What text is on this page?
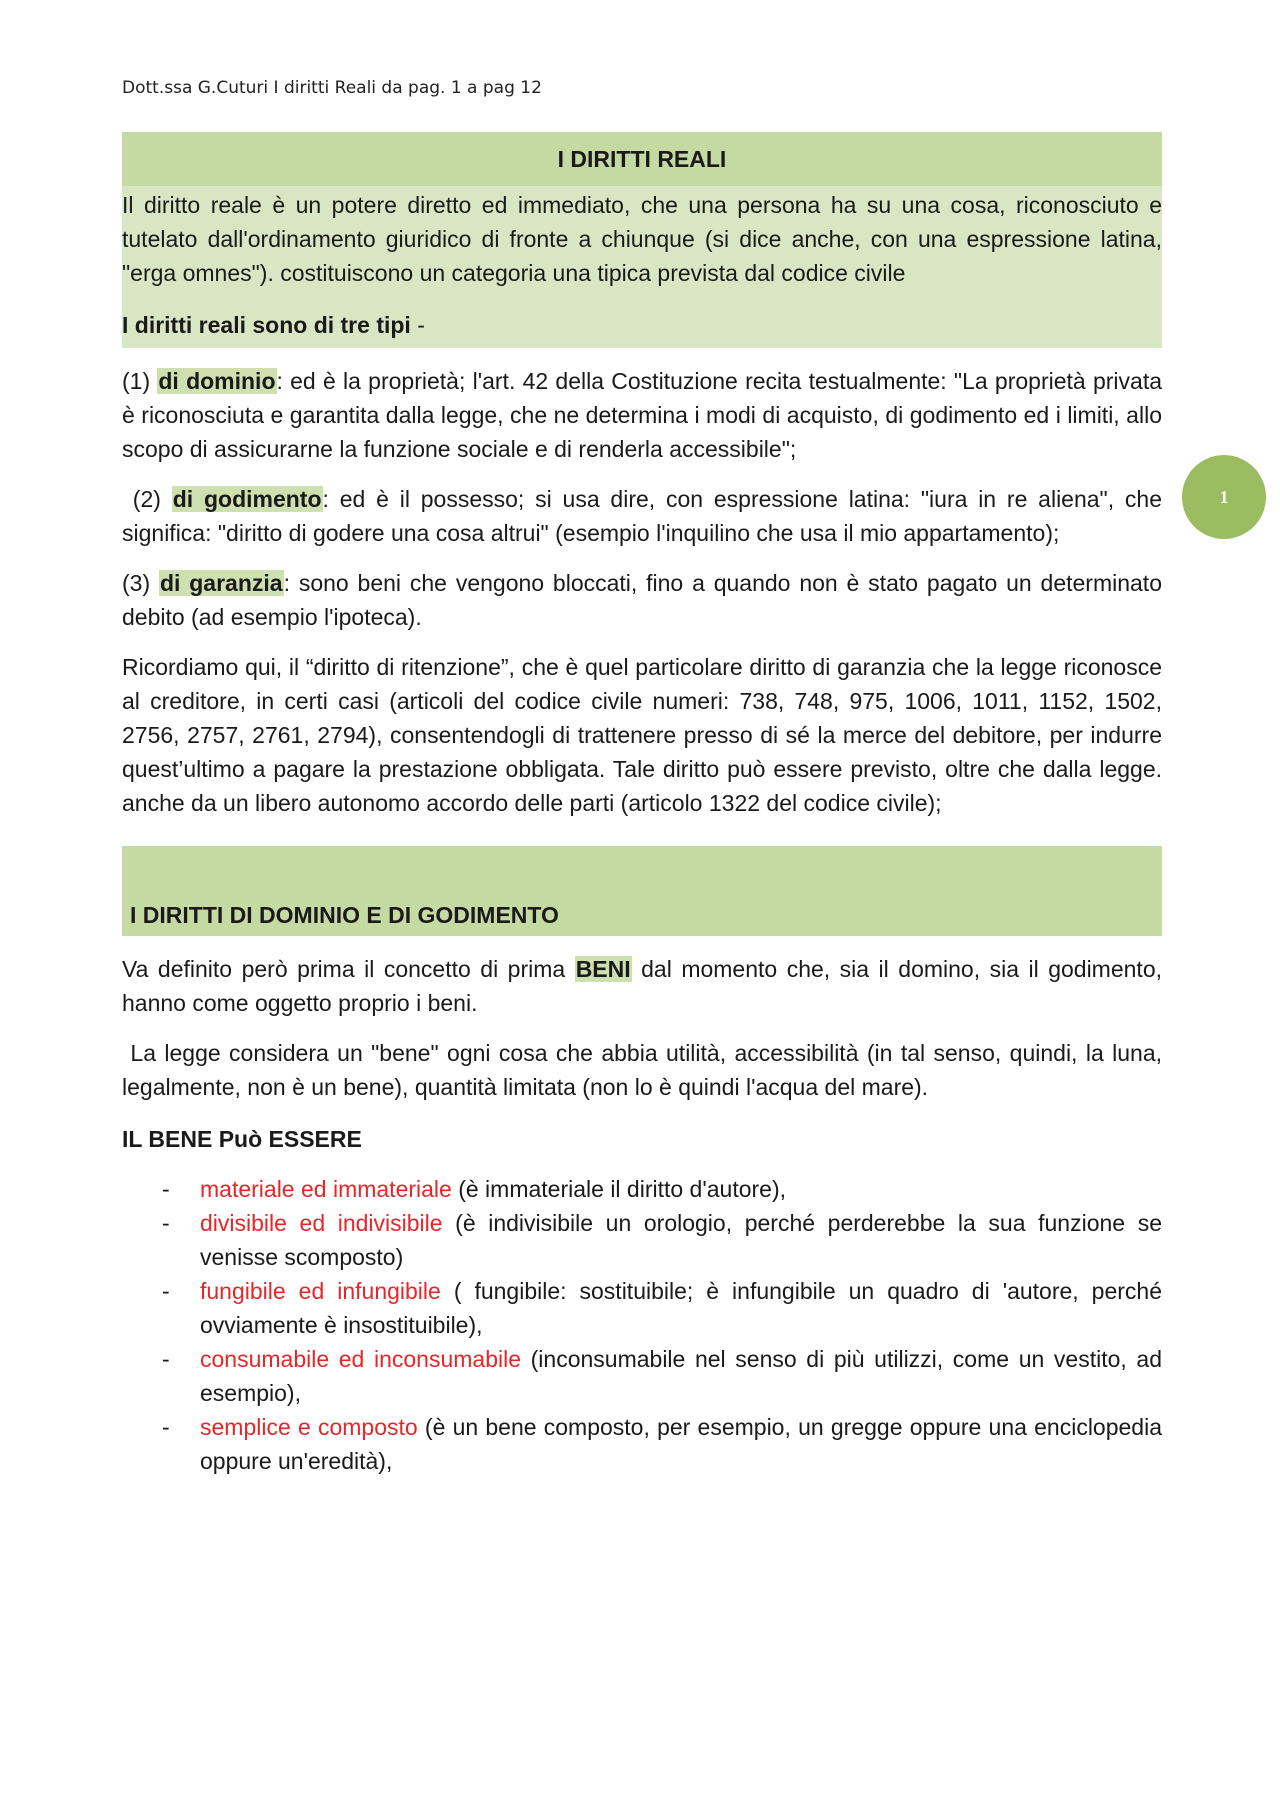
Dott.ssa G.Cuturi I diritti Reali da pag. 1 a pag 12
1
I DIRITTI REALI

Il diritto reale è un potere diretto ed immediato, che una persona ha su una cosa, riconosciuto e tutelato dall'ordinamento giuridico di fronte a chiunque (si dice anche, con una espressione latina, "erga omnes"). costituiscono un categoria una tipica prevista dal codice civile

I diritti reali sono di tre tipi -

(1) di dominio: ed è la proprietà; l'art. 42 della Costituzione recita testualmente: "La proprietà privata è riconosciuta e garantita dalla legge, che ne determina i modi di acquisto, di godimento ed i limiti, allo scopo di assicurarne la funzione sociale e di renderla accessibile";

(2) di godimento: ed è il possesso; si usa dire, con espressione latina: "iura in re aliena", che significa: "diritto di godere una cosa altrui" (esempio l'inquilino che usa il mio appartamento);

(3) di garanzia: sono beni che vengono bloccati, fino a quando non è stato pagato un determinato debito (ad esempio l'ipoteca).

Ricordiamo qui, il “diritto di ritenzione”, che è quel particolare diritto di garanzia che la legge riconosce al creditore, in certi casi (articoli del codice civile numeri: 738, 748, 975, 1006, 1011, 1152, 1502, 2756, 2757, 2761, 2794), consentendogli di trattenere presso di sé la merce del debitore, per indurre quest’ultimo a pagare la prestazione obbligata. Tale diritto può essere previsto, oltre che dalla legge. anche da un libero autonomo accordo delle parti (articolo 1322 del codice civile);

I DIRITTI DI DOMINIO E DI GODIMENTO

Va definito però prima il concetto di prima BENI dal momento che, sia il domino, sia il godimento, hanno come oggetto proprio i beni.

La legge considera un "bene" ogni cosa che abbia utilità, accessibilità (in tal senso, quindi, la luna, legalmente, non è un bene), quantità limitata (non lo è quindi l'acqua del mare).

IL BENE Può ESSERE
- materiale ed immateriale (è immateriale il diritto d'autore),
- divisibile ed indivisibile (è indivisibile un orologio, perché perderebbe la sua funzione se venisse scomposto)
- fungibile ed infungibile ( fungibile: sostituibile; è infungibile un quadro di 'autore, perché ovviamente è insostituibile),
- consumabile ed inconsumabile (inconsumabile nel senso di più utilizzi, come un vestito, ad esempio),
- semplice e composto (è un bene composto, per esempio, un gregge oppure una enciclopedia oppure un'eredità),
